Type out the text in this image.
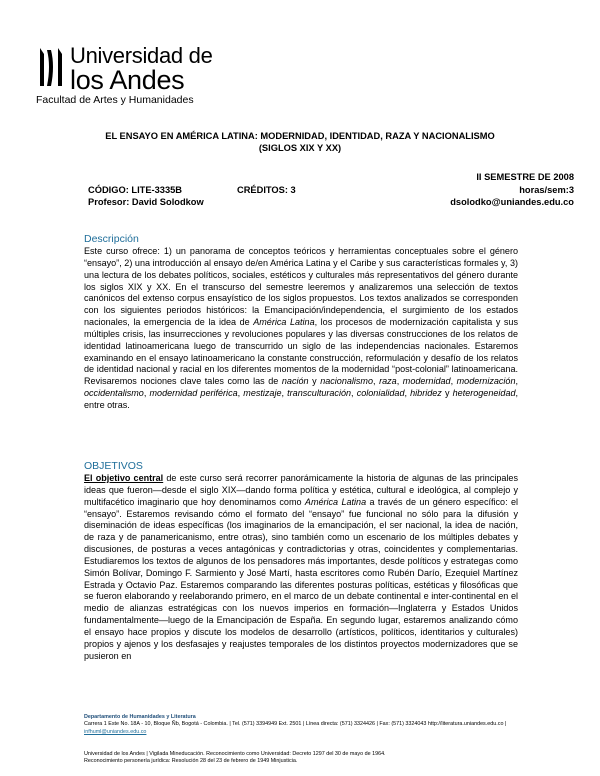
Universidad de
los Andes
Facultad de Artes y Humanidades
EL ENSAYO EN AMÉRICA LATINA: MODERNIDAD, IDENTIDAD, RAZA Y NACIONALISMO
(SIGLOS XIX Y XX)
II SEMESTRE DE 2008
horas/sem:3
CÓDIGO: LITE-3335B	CRÉDITOS: 3
Profesor: David Solodkow	dsolodko@uniandes.edu.co
Descripción
Este curso ofrece: 1) un panorama de conceptos teóricos y herramientas conceptuales sobre el género “ensayo”, 2) una introducción al ensayo de/en América Latina y el Caribe y sus características formales y, 3) una lectura de los debates políticos, sociales, estéticos y culturales más representativos del género durante los siglos XIX y XX. En el transcurso del semestre leeremos y analizaremos una selección de textos canónicos del extenso corpus ensayístico de los siglos propuestos. Los textos analizados se corresponden con los siguientes periodos históricos: la Emancipación/independencia, el surgimiento de los estados nacionales, la emergencia de la idea de América Latina, los procesos de modernización capitalista y sus múltiples crisis, las insurrecciones y revoluciones populares y las diversas construcciones de los relatos de identidad latinoamericana luego de transcurrido un siglo de las independencias nacionales. Estaremos examinando en el ensayo latinoamericano la constante construcción, reformulación y desafío de los relatos de identidad nacional y racial en los diferentes momentos de la modernidad “post-colonial” latinoamericana. Revisaremos nociones clave tales como las de nación y nacionalismo, raza, modernidad, modernización, occidentalismo, modernidad periférica, mestizaje, transculturación, colonialidad, hibridez y heterogeneidad, entre otras.
OBJETIVOS
El objetivo central de este curso será recorrer panorámicamente la historia de algunas de las principales ideas que fueron—desde el siglo XIX—dando forma política y estética, cultural e ideológica, al complejo y multifacético imaginario que hoy denominamos como América Latina a través de un género específico: el “ensayo”. Estaremos revisando cómo el formato del “ensayo” fue funcional no sólo para la difusión y diseminación de ideas específicas (los imaginarios de la emancipación, el ser nacional, la idea de nación, de raza y de panamericanismo, entre otras), sino también como un escenario de los múltiples debates y discusiones, de posturas a veces antagónicas y contradictorias y otras, coincidentes y complementarias. Estudiaremos los textos de algunos de los pensadores más importantes, desde políticos y estrategas como Simón Bolívar, Domingo F. Sarmiento y José Martí, hasta escritores como Rubén Darío, Ezequiel Martínez Estrada y Octavio Paz. Estaremos comparando las diferentes posturas políticas, estéticas y filosóficas que se fueron elaborando y reelaborando primero, en el marco de un debate continental e inter-continental en el medio de alianzas estratégicas con los nuevos imperios en formación—Inglaterra y Estados Unidos fundamentalmente—luego de la Emancipación de España. En segundo lugar, estaremos analizando cómo el ensayo hace propios y discute los modelos de desarrollo (artísticos, políticos, identitarios y culturales) propios y ajenos y los desfasajes y reajustes temporales de los distintos proyectos modernizadores que se pusieron en
Departamento de Humanidades y Literatura
Carrera 1 Este No. 18A - 10, Bloque Ñb, Bogotá - Colombia. | Tel. (571) 3394949 Ext. 2501 | Línea directa: (571) 3324426 | Fax: (571) 3324043 http://literatura.uniandes.edu.co | infhuml@uniandes.edu.co
Universidad de los Andes | Vigilada Mineducación. Reconocimiento como Universidad: Decreto 1297 del 30 de mayo de 1964.
Reconocimiento personería jurídica: Resolución 28 del 23 de febrero de 1949 Minjusticia.
